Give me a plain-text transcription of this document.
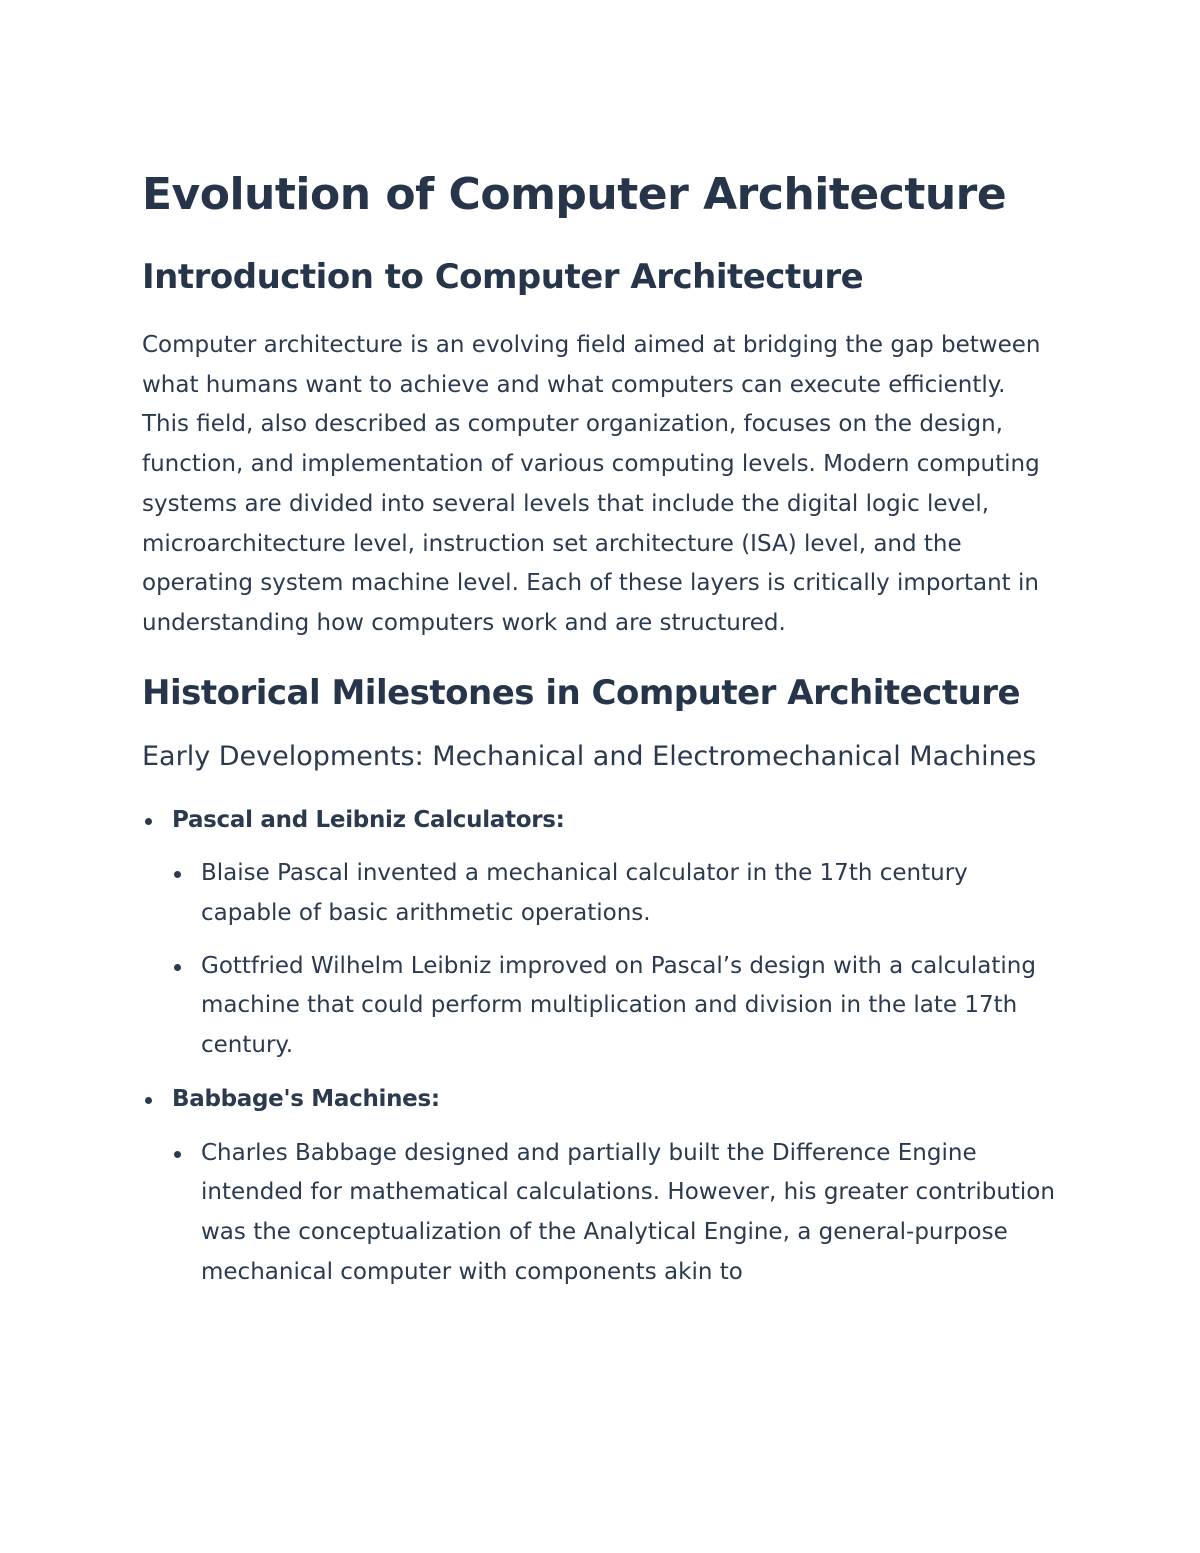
Evolution of Computer Architecture
Introduction to Computer Architecture

Computer architecture is an evolving field aimed at bridging the gap between what humans want to achieve and what computers can execute efficiently. This field, also described as computer organization, focuses on the design, function, and implementation of various computing levels. Modern computing systems are divided into several levels that include the digital logic level, microarchitecture level, instruction set architecture (ISA) level, and the operating system machine level. Each of these layers is critically important in understanding how computers work and are structured.

Historical Milestones in Computer Architecture
Early Developments: Mechanical and Electromechanical Machines
Pascal and Leibniz Calculators:
Blaise Pascal invented a mechanical calculator in the 17th century capable of basic arithmetic operations.
Gottfried Wilhelm Leibniz improved on Pascal’s design with a calculating machine that could perform multiplication and division in the late 17th century.
Babbage's Machines:
Charles Babbage designed and partially built the Difference Engine intended for mathematical calculations. However, his greater contribution was the conceptualization of the Analytical Engine, a general-purpose mechanical computer with components akin to
